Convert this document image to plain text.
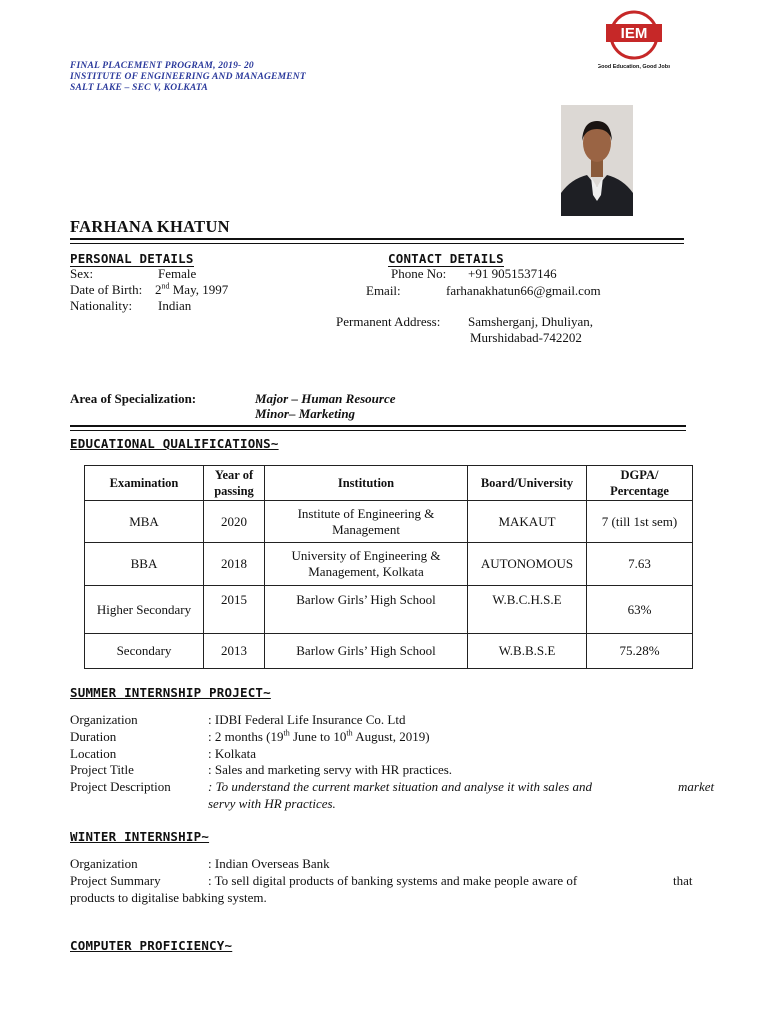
FINAL PLACEMENT PROGRAM, 2019- 20
INSTITUTE OF ENGINEERING AND MANAGEMENT
SALT LAKE – SEC V, KOLKATA
IEM
Good Education, Good Jobs
FARHANA KHATUN
PERSONAL DETAILS
Sex:	Female
Date of Birth: 2nd May, 1997
Nationality: Indian
CONTACT DETAILS
Phone No: +91 9051537146
Email:	farhanakhatun66@gmail.com
Permanent Address: Samsherganj, Dhuliyan,
Murshidabad-742202
Area of Specialization:	Major – Human Resource
Minor– Marketing
EDUCATIONAL QUALIFICATIONS~
Examination	Year of passing	Institution	Board/University	DGPA/ Percentage
MBA	2020	Institute of Engineering & Management	MAKAUT	7 (till 1st sem)
BBA	2018	University of Engineering & Management, Kolkata	AUTONOMOUS	7.63
Higher Secondary	2015	Barlow Girls’ High School	W.B.C.H.S.E	63%
Secondary	2013	Barlow Girls’ High School	W.B.B.S.E	75.28%
SUMMER INTERNSHIP PROJECT~
Organization	: IDBI Federal Life Insurance Co. Ltd
Duration	: 2 months (19th June to 10th August, 2019)
Location	: Kolkata
Project Title	: Sales and marketing servy with HR practices.
Project Description	: To understand the current market situation and analyse it with sales and	market
servy with HR practices.
WINTER INTERNSHIP~
Organization	: Indian Overseas Bank
Project Summary	: To sell digital products of banking systems and make people aware of	that
products to digitalise babking system.
COMPUTER PROFICIENCY~
